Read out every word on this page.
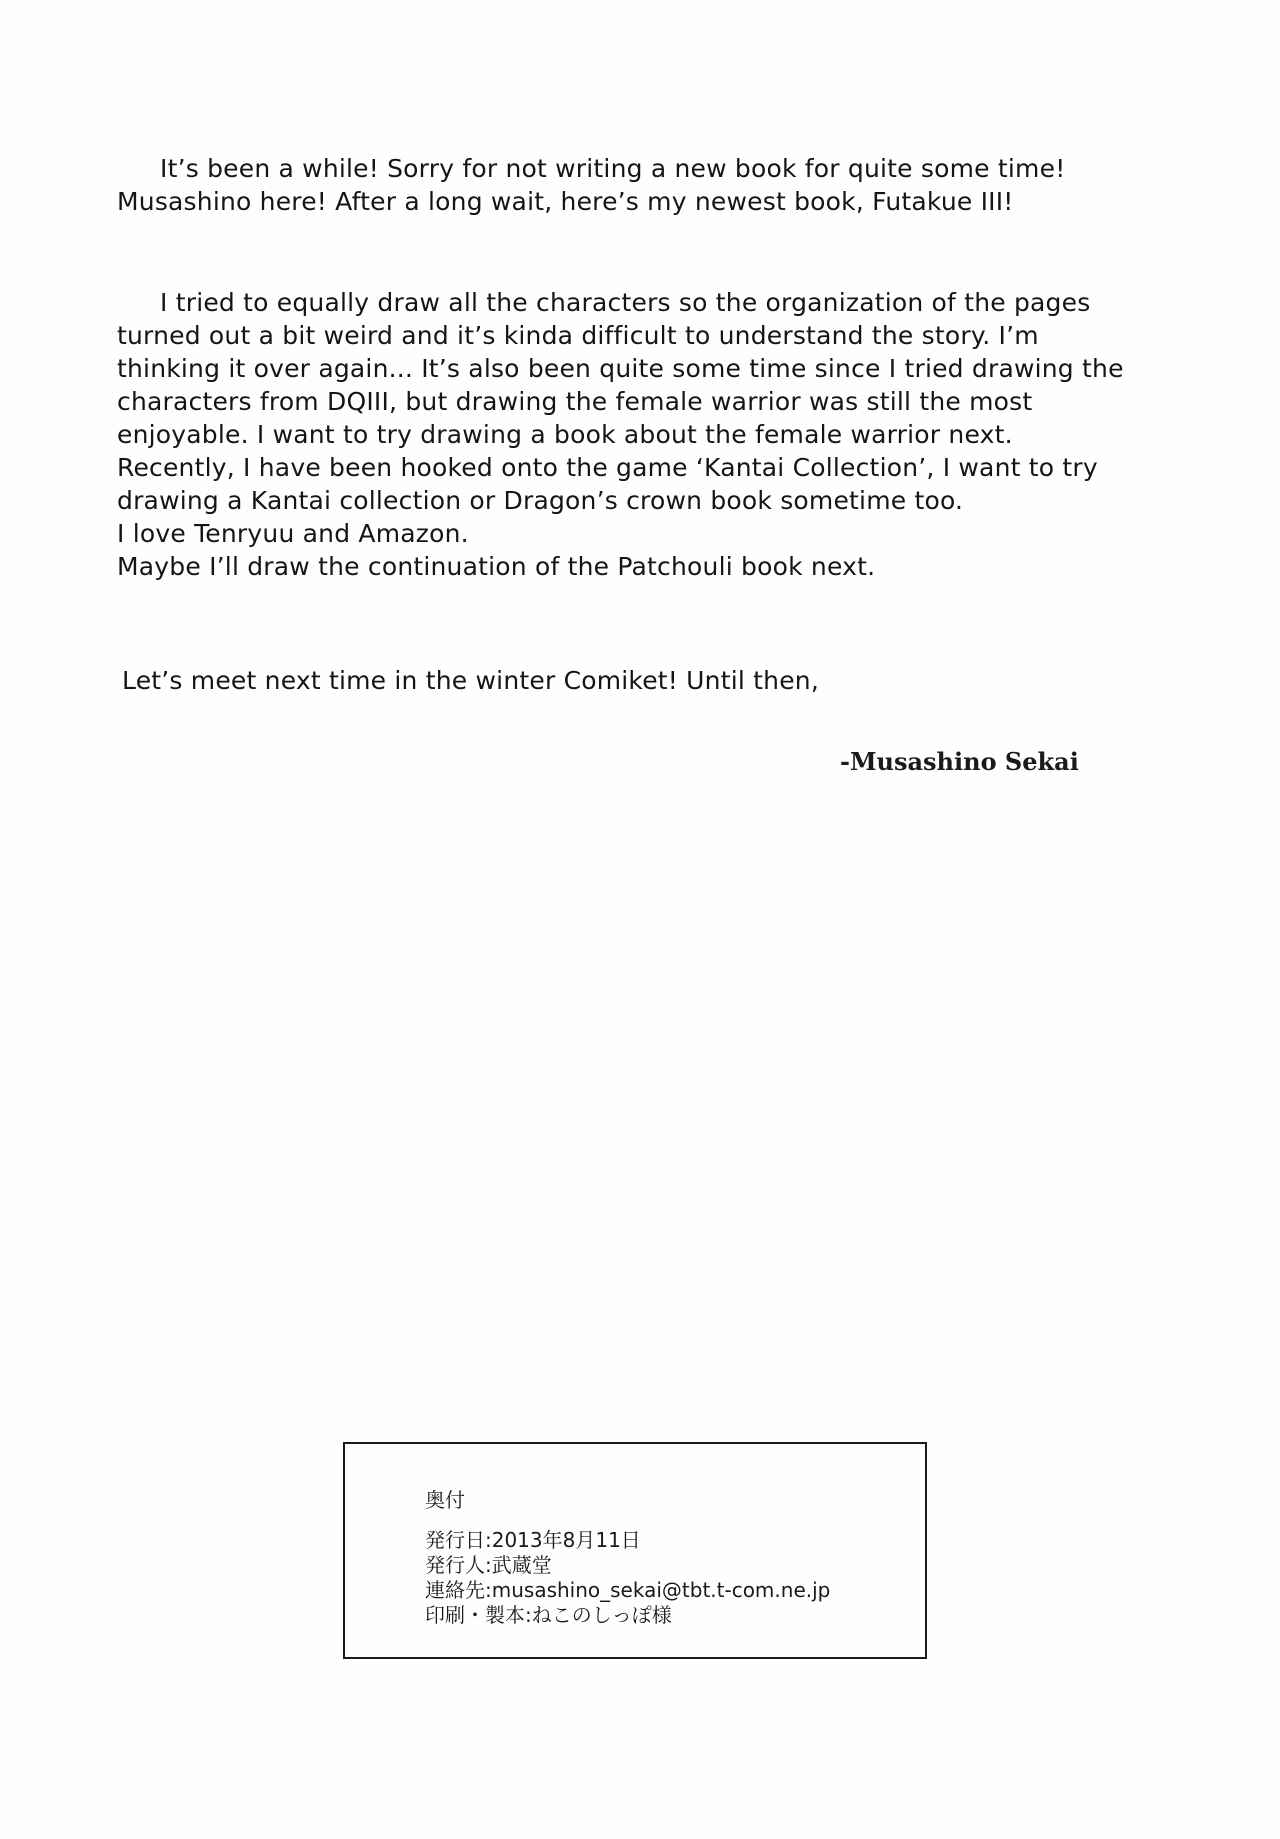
It’s been a while! Sorry for not writing a new book for quite some time!
Musashino here! After a long wait, here’s my newest book, Futakue III!

I tried to equally draw all the characters so the organization of the pages
turned out a bit weird and it’s kinda difficult to understand the story. I’m
thinking it over again... It’s also been quite some time since I tried drawing the
characters from DQIII, but drawing the female warrior was still the most
enjoyable. I want to try drawing a book about the female warrior next.
Recently, I have been hooked onto the game ‘Kantai Collection’, I want to try
drawing a Kantai collection or Dragon’s crown book sometime too.
I love Tenryuu and Amazon.
Maybe I’ll draw the continuation of the Patchouli book next.

Let’s meet next time in the winter Comiket! Until then,

-Musashino Sekai
奥付
発行日:2013年8月11日
発行人:武蔵堂
連絡先:musashino_sekai@tbt.t-com.ne.jp
印刷・製本:ねこのしっぽ様
